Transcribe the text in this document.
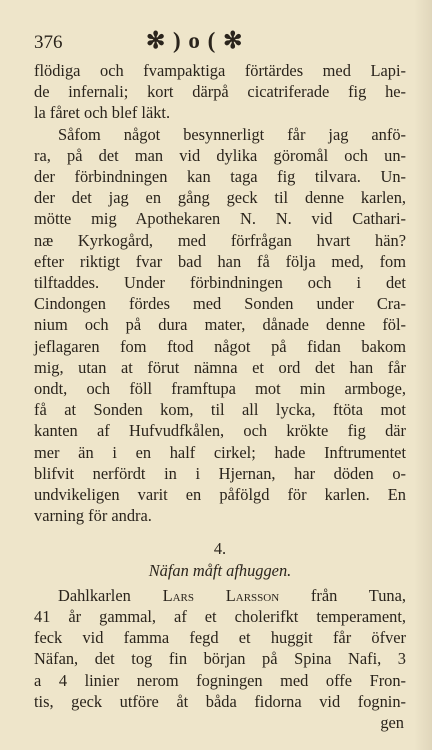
376	✻ ) o ( ✻
flödiga och fvampaktiga förtärdes med Lapi-
de infernali; kort därpå cicatriferade fig he-
la fåret och blef läkt.
Såfom något besynnerligt får jag anfö-
ra, på det man vid dylika göromål och un-
der förbindningen kan taga fig tilvara. Un-
der det jag en gång geck til denne karlen,
mötte mig Apothekaren N. N. vid Cathari-
næ Kyrkogård, med förfrågan hvart hän?
efter riktigt fvar bad han få följa med, fom
tilftaddes. Under förbindningen och i det
Cindongen fördes med Sonden under Cra-
nium och på dura mater, dånade denne föl-
jeflagaren fom ftod något på fidan bakom
mig, utan at förut nämna et ord det han får
ondt, och föll framftupa mot min armboge,
få at Sonden kom, til all lycka, ftöta mot
kanten af Hufvudfkålen, och krökte fig där
mer än i en half cirkel; hade Inftrumentet
blifvit nerfördt in i Hjernan, har döden o-
undvikeligen varit en påfölgd för karlen. En
varning för andra.
4.
Näfan måft afhuggen.
Dahlkarlen Lars Larsson från Tuna,
41 år gammal, af et cholerifkt temperament,
feck vid famma fegd et huggit får öfver
Näfan, det tog fin början på Spina Nafi, 3
a 4 linier nerom fogningen med offe Fron-
tis, geck utföre åt båda fidorna vid fognin-
gen
